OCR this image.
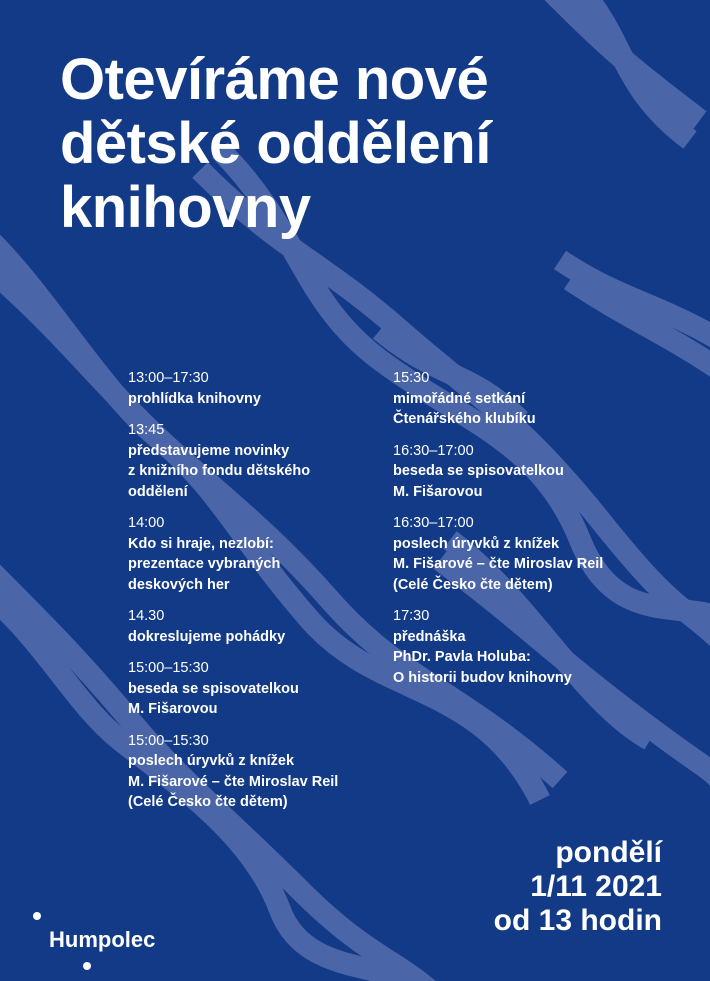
Otevíráme nové
dětské oddělení
knihovny
13:00–17:30
prohlídka knihovny
13:45
představujeme novinky
z knižního fondu dětského
oddělení
14:00
Kdo si hraje, nezlobí:
prezentace vybraných
deskových her
14.30
dokreslujeme pohádky
15:00–15:30
beseda se spisovatelkou
M. Fišarovou
15:00–15:30
poslech úryvků z knížek
M. Fišarové – čte Miroslav Reil
(Celé Česko čte dětem)
15:30
mimořádné setkání
Čtenářského klubíku
16:30–17:00
beseda se spisovatelkou
M. Fišarovou
16:30–17:00
poslech úryvků z knížek
M. Fišarové – čte Miroslav Reil
(Celé Česko čte dětem)
17:30
přednáška
PhDr. Pavla Holuba:
O historii budov knihovny
pondělí
1/11 2021
od 13 hodin
Humpolec
